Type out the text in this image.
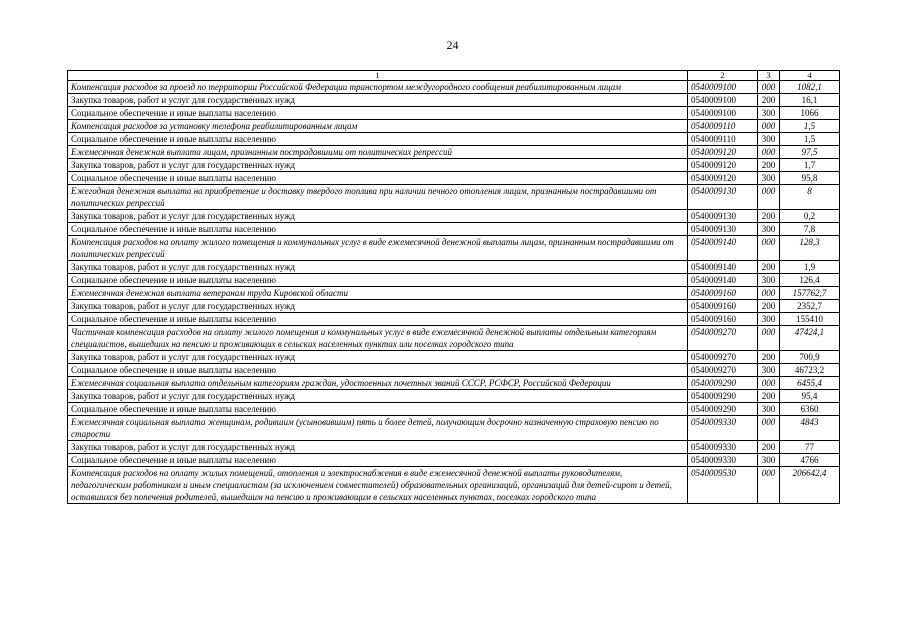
24
1	2	3	4
Компенсация расходов за проезд по территории Российской Федерации транспортом междугородного сообщения реабилитированным лицам	0540009100	000	1082,1
Закупка товаров, работ и услуг для государственных нужд	0540009100	200	16,1
Социальное обеспечение и иные выплаты населению	0540009100	300	1066
Компенсация расходов за установку телефона реабилитированным лицам	0540009110	000	1,5
Социальное обеспечение и иные выплаты населению	0540009110	300	1,5
Ежемесячная денежная выплата лицам, признанным пострадавшими от политических репрессий	0540009120	000	97,5
Закупка товаров, работ и услуг для государственных нужд	0540009120	200	1,7
Социальное обеспечение и иные выплаты населению	0540009120	300	95,8
Ежегодная денежная выплата на приобретение и доставку твердого топлива при наличии печного отопления лицам, признанным пострадавшими от политических репрессий	0540009130	000	8
Закупка товаров, работ и услуг для государственных нужд	0540009130	200	0,2
Социальное обеспечение и иные выплаты населению	0540009130	300	7,8
Компенсация расходов на оплату жилого помещения и коммунальных услуг в виде ежемесячной денежной выплаты лицам, признанным пострадавшими от политических репрессий	0540009140	000	128,3
Закупка товаров, работ и услуг для государственных нужд	0540009140	200	1,9
Социальное обеспечение и иные выплаты населению	0540009140	300	126,4
Ежемесячная денежная выплата ветеранам труда Кировской области	0540009160	000	157762,7
Закупка товаров, работ и услуг для государственных нужд	0540009160	200	2352,7
Социальное обеспечение и иные выплаты населению	0540009160	300	155410
Частичная компенсация расходов на оплату жилого помещения и коммунальных услуг в виде ежемесячной денежной выплаты отдельным категориям специалистов, вышедших на пенсию и проживающих в сельских населенных пунктах или поселках городского типа	0540009270	000	47424,1
Закупка товаров, работ и услуг для государственных нужд	0540009270	200	700,9
Социальное обеспечение и иные выплаты населению	0540009270	300	46723,2
Ежемесячная социальная выплата отдельным категориям граждан, удостоенных почетных званий СССР, РСФСР, Российской Федерации	0540009290	000	6455,4
Закупка товаров, работ и услуг для государственных нужд	0540009290	200	95,4
Социальное обеспечение и иные выплаты населению	0540009290	300	6360
Ежемесячная социальная выплата женщинам, родившим (усыновившим) пять и более детей, получающим досрочно назначенную страховую пенсию по старости	0540009330	000	4843
Закупка товаров, работ и услуг для государственных нужд	0540009330	200	77
Социальное обеспечение и иные выплаты населению	0540009330	300	4766
Компенсация расходов на оплату жилых помещений, отопления и электроснабжения в виде ежемесячной денежной выплаты руководителям, педагогическим работникам и иным специалистам (за исключением совместителей) образовательных организаций, организаций для детей-сирот и детей, оставшихся без попечения родителей, вышедшим на пенсию и проживающим в сельских населенных пунктах, поселках городского типа	0540009530	000	206642,4
